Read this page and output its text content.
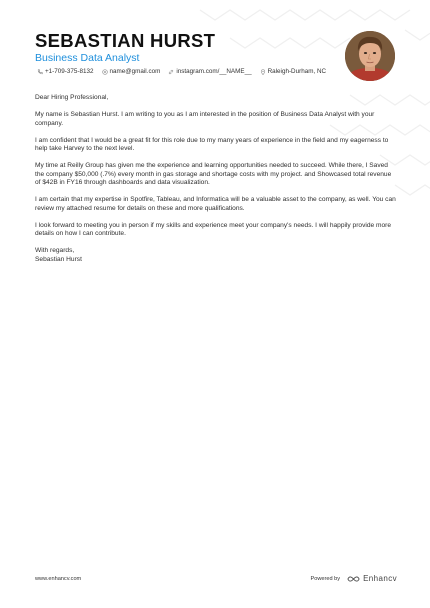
SEBASTIAN HURST
Business Data Analyst
+1-709-375-8132	name@gmail.com	instagram.com/__NAME__	Raleigh-Durham, NC

Dear Hiring Professional,

My name is Sebastian Hurst. I am writing to you as I am interested in the position of Business Data Analyst with your company.

I am confident that I would be a great fit for this role due to my many years of experience in the field and my eagerness to help take Harvey to the next level.

My time at Reilly Group has given me the experience and learning opportunities needed to succeed. While there, I Saved the company $50,000 (.7%) every month in gas storage and shortage costs with my project. and Showcased total revenue of $42B in FY16 through dashboards and data visualization.

I am certain that my expertise in Spotfire, Tableau, and Informatica will be a valuable asset to the company, as well. You can review my attached resume for details on these and more qualifications.

I look forward to meeting you in person if my skills and experience meet your company's needs. I will happily provide more details on how I can contribute.

With regards,

Sebastian Hurst

www.enhancv.com	Powered by	Enhancv
